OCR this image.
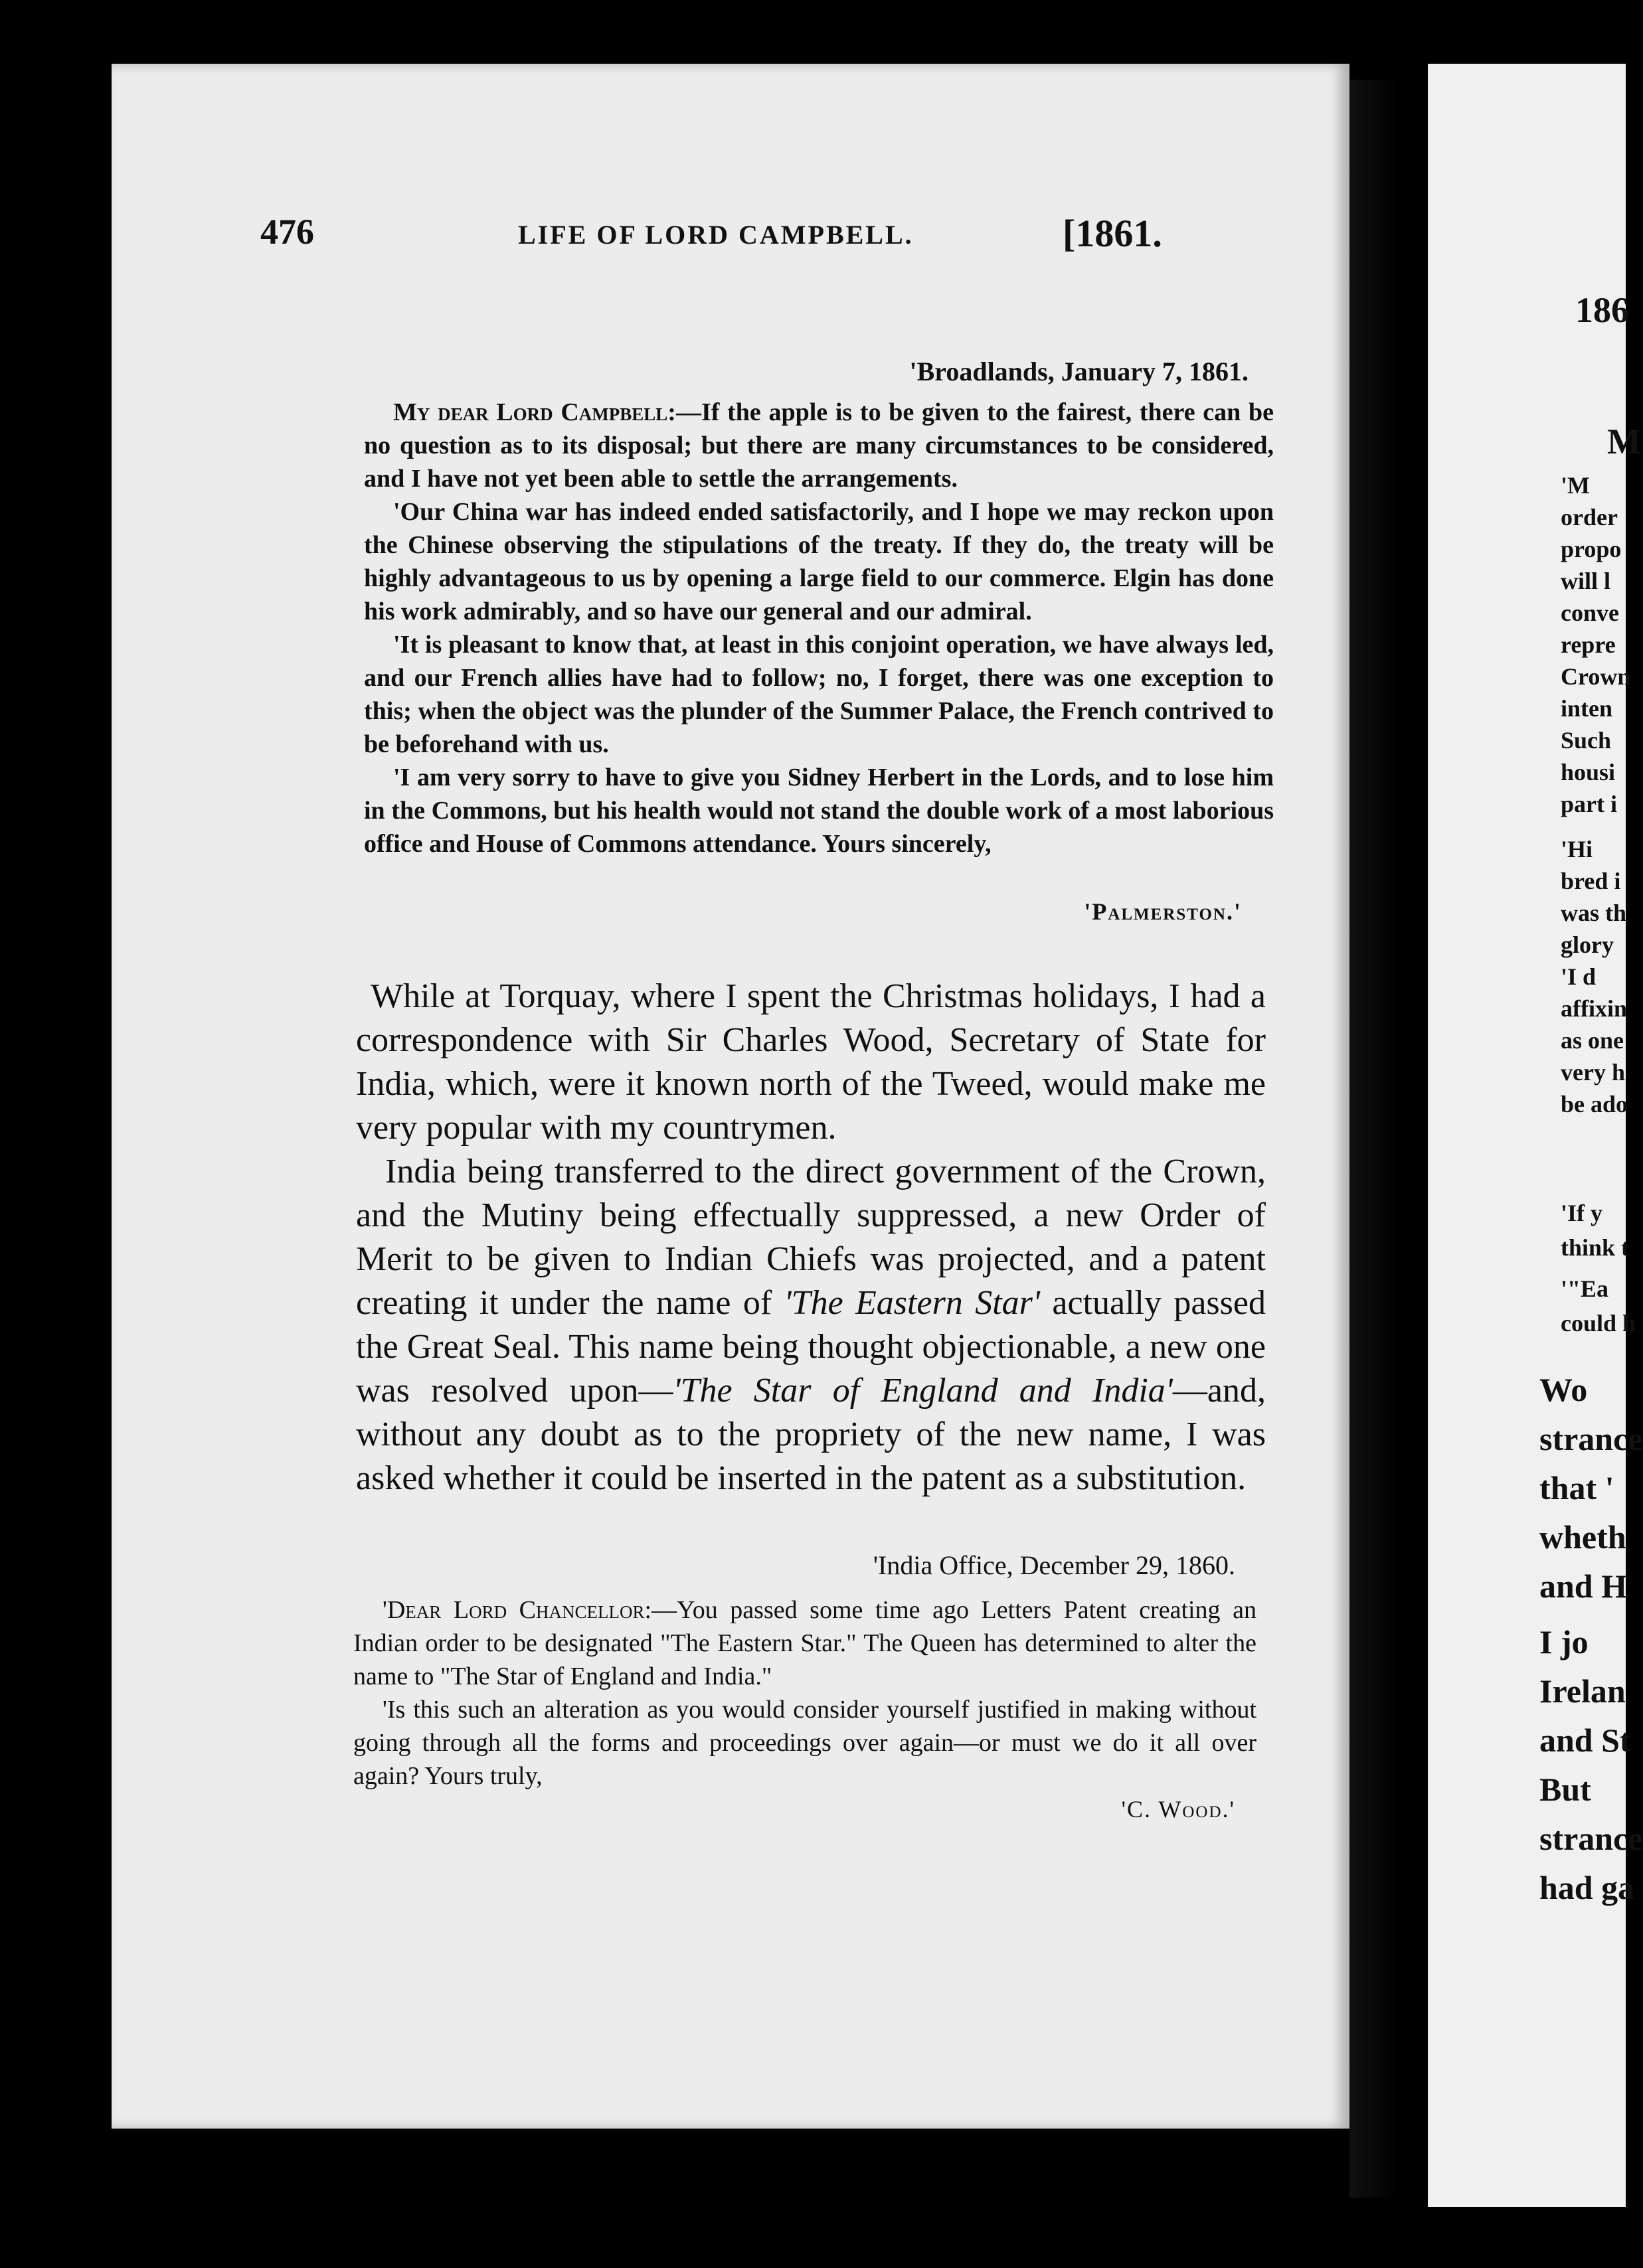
476	LIFE OF LORD CAMPBELL.	[1861.
'Broadlands, January 7, 1861.

My dear Lord Campbell:—If the apple is to be given to the fairest, there can be no question as to its disposal; but there are many circumstances to be considered, and I have not yet been able to settle the arrangements.

'Our China war has indeed ended satisfactorily, and I hope we may reckon upon the Chinese observing the stipulations of the treaty. If they do, the treaty will be highly advantageous to us by opening a large field to our commerce. Elgin has done his work admirably, and so have our general and our admiral.

'It is pleasant to know that, at least in this conjoint operation, we have always led, and our French allies have had to follow; no, I forget, there was one exception to this; when the object was the plunder of the Summer Palace, the French contrived to be beforehand with us.

'I am very sorry to have to give you Sidney Herbert in the Lords, and to lose him in the Commons, but his health would not stand the double work of a most laborious office and House of Commons attendance. Yours sincerely,

'Palmerston.'

While at Torquay, where I spent the Christmas holidays, I had a correspondence with Sir Charles Wood, Secretary of State for India, which, were it known north of the Tweed, would make me very popular with my countrymen.

India being transferred to the direct government of the Crown, and the Mutiny being effectually suppressed, a new Order of Merit to be given to Indian Chiefs was projected, and a patent creating it under the name of 'The Eastern Star' actually passed the Great Seal. This name being thought objectionable, a new one was resolved upon—'The Star of England and India'—and, without any doubt as to the propriety of the new name, I was asked whether it could be inserted in the patent as a substitution.

'India Office, December 29, 1860.

'Dear Lord Chancellor:—You passed some time ago Letters Patent creating an Indian order to be designated "The Eastern Star." The Queen has determined to alter the name to "The Star of England and India."

'Is this such an alteration as you would consider yourself justified in making without going through all the forms and proceedings over again—or must we do it all over again? Yours truly,

'C. Wood.'
186
M
'M
order
propo
will l
conve
repre
Crown
inten
Such
housi
part i
'Hi
bred i
was th
glory
'I d
affixin
as one
very h
be ado
'If y
think t
'"Ea
could h
Wo
strance
that '
wheth
and H
I jo
Irelan
and St
But
strance
had ga
